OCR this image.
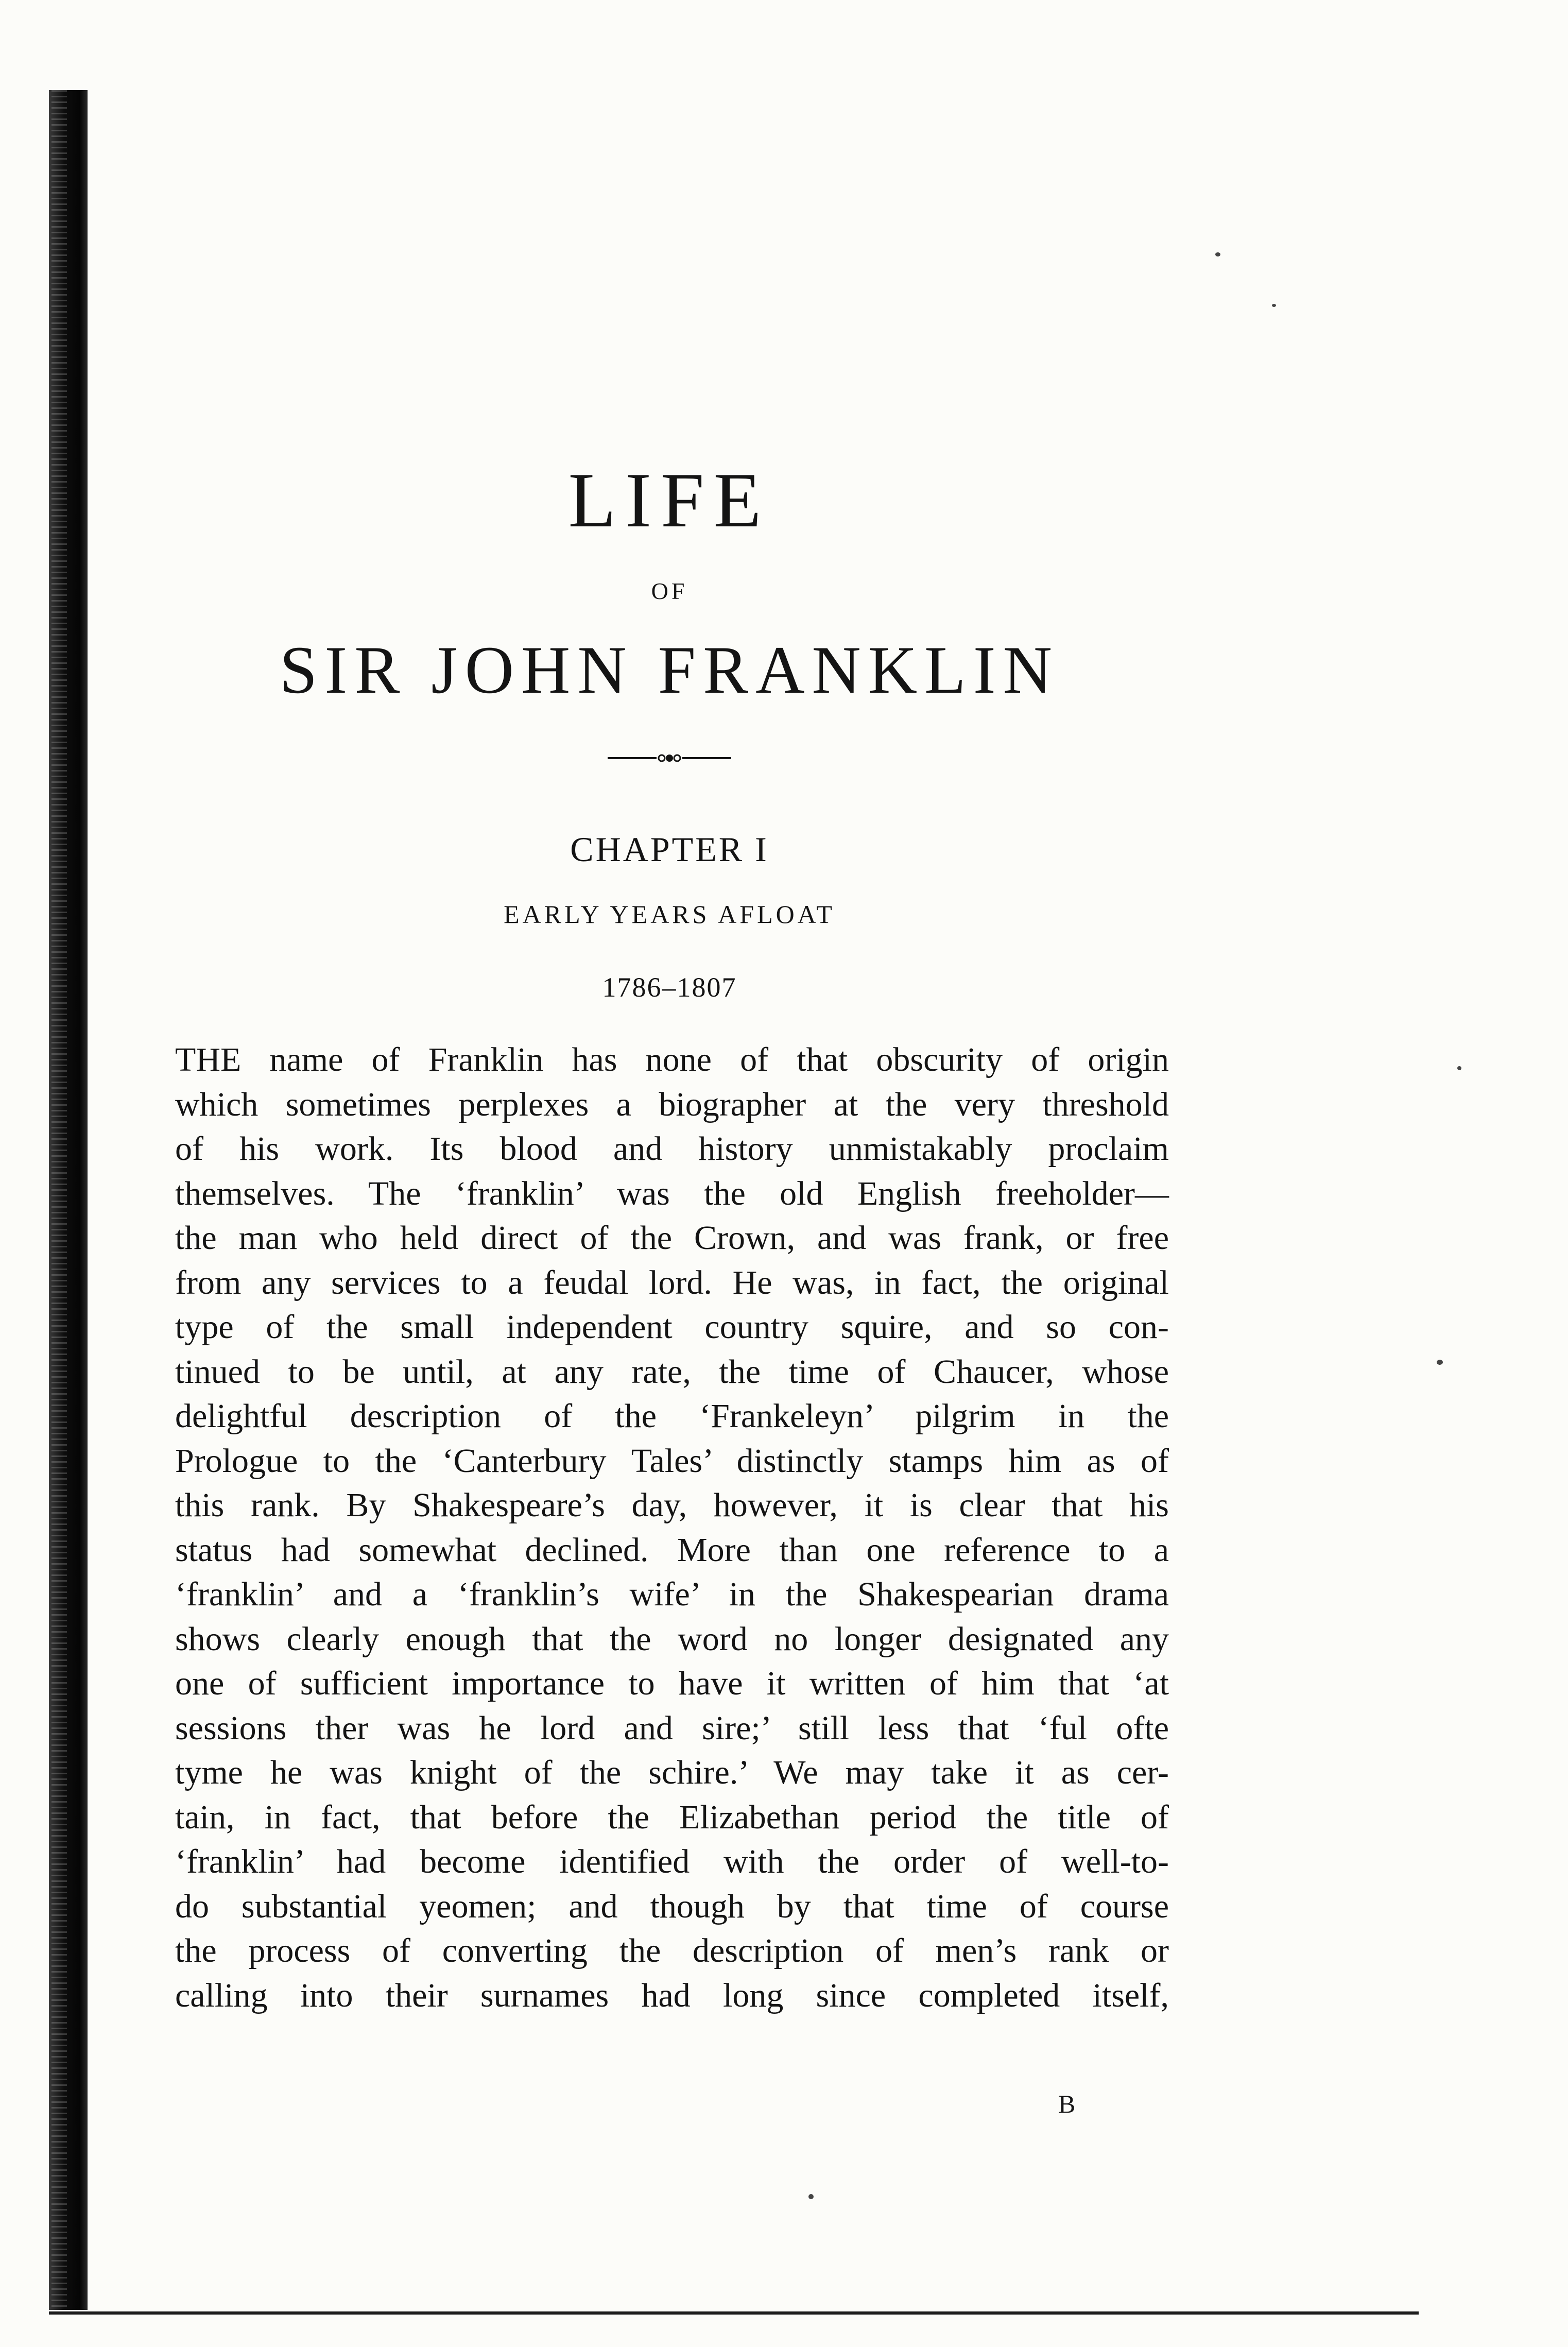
LIFE
OF
SIR JOHN FRANKLIN
CHAPTER I
EARLY YEARS AFLOAT
1786–1807
THE name of Franklin has none of that obscurity of origin
which sometimes perplexes a biographer at the very threshold
of his work. Its blood and history unmistakably proclaim
themselves. The ‘franklin’ was the old English freeholder—
the man who held direct of the Crown, and was frank, or free
from any services to a feudal lord. He was, in fact, the original
type of the small independent country squire, and so con-
tinued to be until, at any rate, the time of Chaucer, whose
delightful description of the ‘Frankeleyn’ pilgrim in the
Prologue to the ‘Canterbury Tales’ distinctly stamps him as of
this rank. By Shakespeare’s day, however, it is clear that his
status had somewhat declined. More than one reference to a
‘franklin’ and a ‘franklin’s wife’ in the Shakespearian drama
shows clearly enough that the word no longer designated any
one of sufficient importance to have it written of him that ‘at
sessions ther was he lord and sire;’ still less that ‘ful ofte
tyme he was knight of the schire.’ We may take it as cer-
tain, in fact, that before the Elizabethan period the title of
‘franklin’ had become identified with the order of well-to-
do substantial yeomen; and though by that time of course
the process of converting the description of men’s rank or
calling into their surnames had long since completed itself,
B
